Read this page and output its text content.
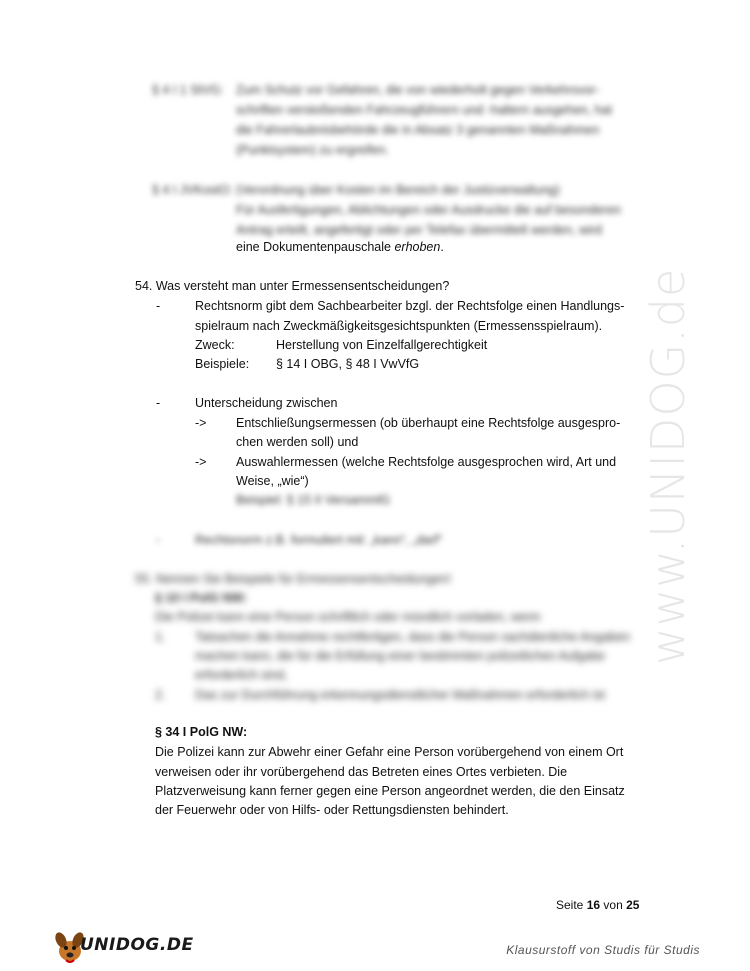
§ 4 I 1 StVG: Zum Schutz vor Gefahren, die von wiederholt gegen Verkehrsvor-
schriften verstoßenden Fahrzeugführern und -haltern ausgehen, hat
die Fahrerlaubnisbehörde die in Absatz 3 genannten Maßnahmen
(Punktsystem) zu ergreifen.
§ 4 I JVKostO: (Verordnung über Kosten im Bereich der Justizverwaltung)
Für Ausfertigungen, Ablichtungen oder Ausdrucke die auf besonderen
Antrag erteilt, angefertigt oder per Telefax übermittelt werden, wird
eine Dokumentenpauschale erhoben.
54. Was versteht man unter Ermessensentscheidungen?
-	Rechtsnorm gibt dem Sachbearbeiter bzgl. der Rechtsfolge einen Handlungs-
spielraum nach Zweckmäßigkeitsgesichtspunkten (Ermessensspielraum).
Zweck:	Herstellung von Einzelfallgerechtigkeit
Beispiele: § 14 I OBG, § 48 I VwVfG
-	Unterscheidung zwischen
-> Entschließungsermessen (ob überhaupt eine Rechtsfolge ausgespro-
chen werden soll) und
-> Auswahlermessen (welche Rechtsfolge ausgesprochen wird, Art und
Weise, „wie“)
Beispiel: § 15 II VersammlG
-	Rechtsnorm z.B. formuliert mit: „kann“, „darf“
55. Nennen Sie Beispiele für Ermessensentscheidungen!
§ 10 I PolG NW:
Die Polizei kann eine Person schriftlich oder mündlich vorladen, wenn
1. Tatsachen die Annahme rechtfertigen, dass die Person sachdienliche Angaben
machen kann, die für die Erfüllung einer bestimmten polizeilichen Aufgabe
erforderlich sind,
2. Das zur Durchführung erkennungsdienstlicher Maßnahmen erforderlich ist
§ 34 I PolG NW:
Die Polizei kann zur Abwehr einer Gefahr eine Person vorübergehend von einem Ort
verweisen oder ihr vorübergehend das Betreten eines Ortes verbieten. Die
Platzverweisung kann ferner gegen eine Person angeordnet werden, die den Einsatz
der Feuerwehr oder von Hilfs- oder Rettungsdiensten behindert.
www.UNIDOG.de
Seite 16 von 25
UNIDOG.DE	Klausurstoff von Studis für Studis
